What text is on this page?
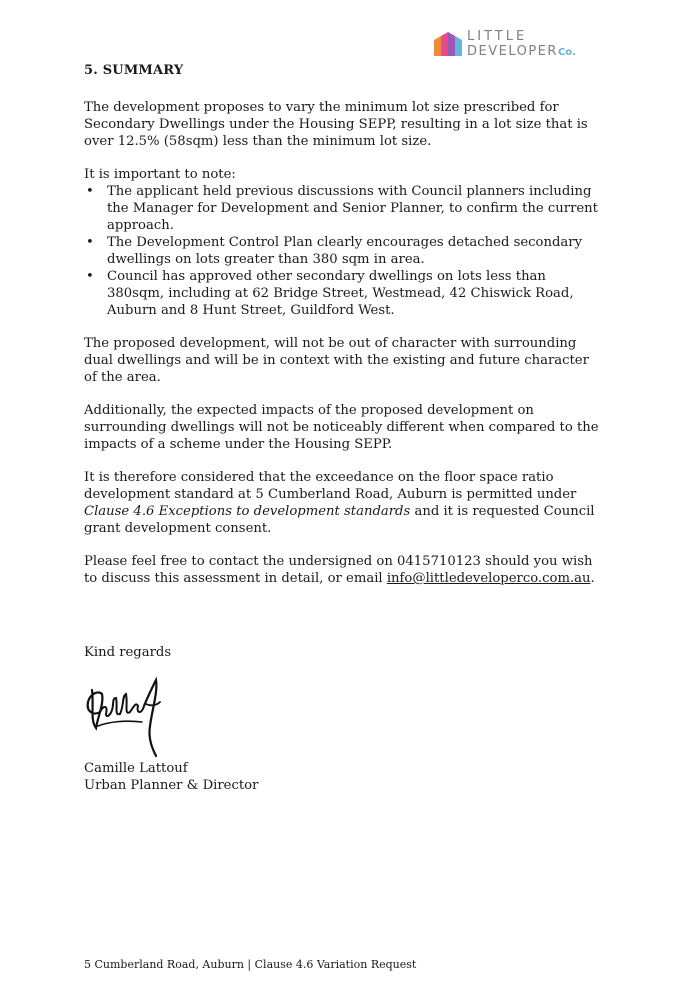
LITTLE
DEVELOPERCo.
5. SUMMARY

The development proposes to vary the minimum lot size prescribed for Secondary Dwellings under the Housing SEPP, resulting in a lot size that is over 12.5% (58sqm) less than the minimum lot size.

It is important to note:

• The applicant held previous discussions with Council planners including the Manager for Development and Senior Planner, to confirm the current approach.
• The Development Control Plan clearly encourages detached secondary dwellings on lots greater than 380 sqm in area.
• Council has approved other secondary dwellings on lots less than 380sqm, including at 62 Bridge Street, Westmead, 42 Chiswick Road, Auburn and 8 Hunt Street, Guildford West.

The proposed development, will not be out of character with surrounding dual dwellings and will be in context with the existing and future character of the area.

Additionally, the expected impacts of the proposed development on surrounding dwellings will not be noticeably different when compared to the impacts of a scheme under the Housing SEPP.

It is therefore considered that the exceedance on the floor space ratio development standard at 5 Cumberland Road, Auburn is permitted under Clause 4.6 Exceptions to development standards and it is requested Council grant development consent.

Please feel free to contact the undersigned on 0415710123 should you wish to discuss this assessment in detail, or email info@littledeveloperco.com.au.

Kind regards
Camille Lattouf
Urban Planner & Director
5 Cumberland Road, Auburn | Clause 4.6 Variation Request
